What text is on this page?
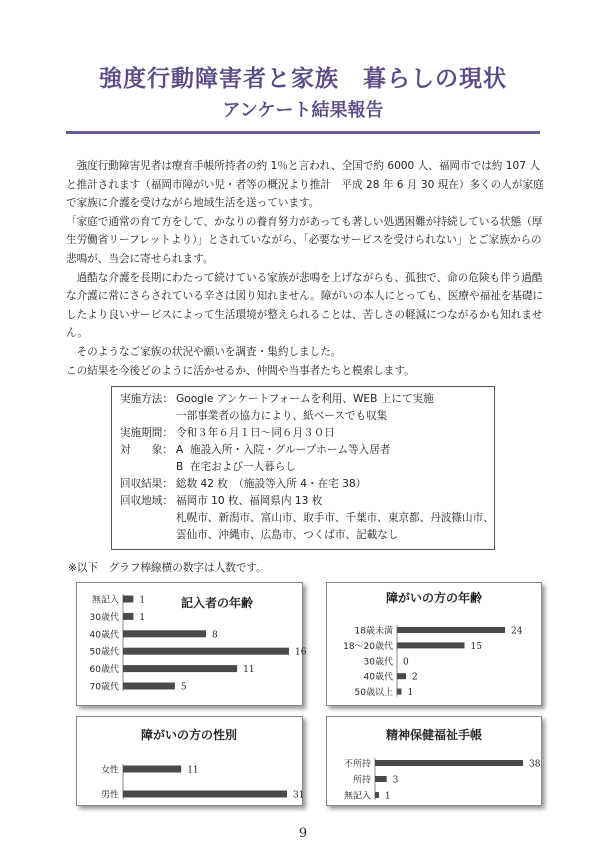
強度行動障害者と家族　暮らしの現状
アンケート結果報告

　強度行動障害児者は療育手帳所持者の約 1％と言われ、全国で約 6000 人、福岡市では約 107 人と推計されます（福岡市障がい児・者等の概況より推計　平成 28 年 6 月 30 現在）多くの人が家庭で家族に介護を受けながら地域生活を送っています。

「家庭で通常の育て方をして、かなりの養育努力があっても著しい処遇困難が持続している状態（厚生労働省リーフレットより）」とされていながら、「必要なサービスを受けられない」とご家族からの悲鳴が、当会に寄せられます。

　過酷な介護を長期にわたって続けている家族が悲鳴を上げながらも、孤独で、命の危険も伴う過酷な介護に常にさらされている辛さは図り知れません。障がいの本人にとっても、医療や福祉を基礎にしたより良いサービスによって生活環境が整えられることは、苦しさの軽減につながるかも知れません。

　そのようなご家族の状況や願いを調査・集約しました。

この結果を今後どのように活かせるか、仲間や当事者たちと模索します。

実施方法： Google アンケートフォームを利用、WEB 上にて実施
一部事業者の協力により、紙ベースでも収集
実施期間： 令和３年６月１日～同６月３０日
対　　象： A  施設入所・入院・グループホーム等入居者
B  在宅および一人暮らし
回収結果： 総数 42 枚　（施設等入所 4・在宅 38）
回収地域： 福岡市 10 枚、福岡県内 13 枚
札幌市、新潟市、富山市、取手市、千葉市、東京都、丹波篠山市、
雲仙市、沖縄市、広島市、つくば市、記載なし
※以下　グラフ棒線横の数字は人数です。
記入者の年齢
無記入 1
30歳代 1
40歳代	8
50歳代	16
60歳代	11
70歳代	5
障がいの方の年齢
18歳未満	24
18～20歳代	15
30歳代 0
40歳代 2
50歳以上 1
障がいの方の性別
女性	11
男性	31
精神保健福祉手帳
不所持	38
所持 3
無記入 1
9
